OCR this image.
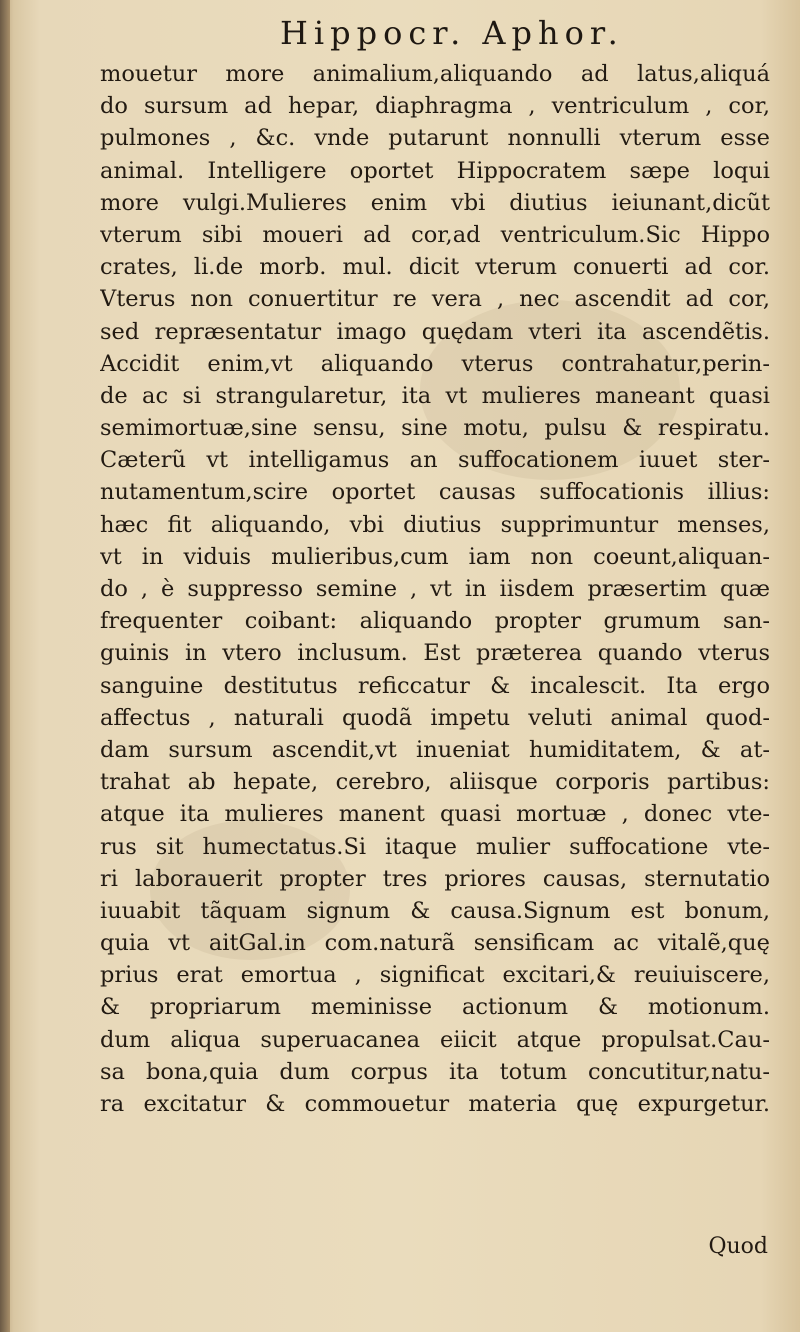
Hippocr. Aphor.
mouetur more animalium,aliquando ad latus,aliquá
do sursum ad hepar, diaphragma , ventriculum , cor,
pulmones , &c. vnde putarunt nonnulli vterum esse
animal. Intelligere oportet Hippocratem sæpe loqui
more vulgi.Mulieres enim vbi diutius ieiunant,dicũt
vterum sibi moueri ad cor,ad ventriculum.Sic Hippo
crates, li.de morb. mul. dicit vterum conuerti ad cor.
Vterus non conuertitur re vera , nec ascendit ad cor,
sed repræsentatur imago quędam vteri ita ascendẽtis.
Accidit enim,vt aliquando vterus contrahatur,perin-
de ac si strangularetur, ita vt mulieres maneant quasi
semimortuæ,sine sensu, sine motu, pulsu & respiratu.
Cæterũ vt intelligamus an suffocationem iuuet ster-
nutamentum,scire oportet causas suffocationis illius:
hæc fit aliquando, vbi diutius supprimuntur menses,
vt in viduis mulieribus,cum iam non coeunt,aliquan-
do , è suppresso semine , vt in iisdem præsertim quæ
frequenter coibant: aliquando propter grumum san-
guinis in vtero inclusum. Est præterea quando vterus
sanguine destitutus reficcatur & incalescit. Ita ergo
affectus , naturali quodã impetu veluti animal quod-
dam sursum ascendit,vt inueniat humiditatem, & at-
trahat ab hepate, cerebro, aliisque corporis partibus:
atque ita mulieres manent quasi mortuæ , donec vte-
rus sit humectatus.Si itaque mulier suffocatione vte-
ri laborauerit propter tres priores causas, sternutatio
iuuabit tãquam signum & causa.Signum est bonum,
quia vt aitGal.in com.naturã sensificam ac vitalẽ,quę
prius erat emortua , significat excitari,& reuiuiscere,
& propriarum meminisse actionum & motionum.
dum aliqua superuacanea eiicit atque propulsat.Cau-
sa bona,quia dum corpus ita totum concutitur,natu-
ra excitatur & commouetur materia quę expurgetur.
Quod
